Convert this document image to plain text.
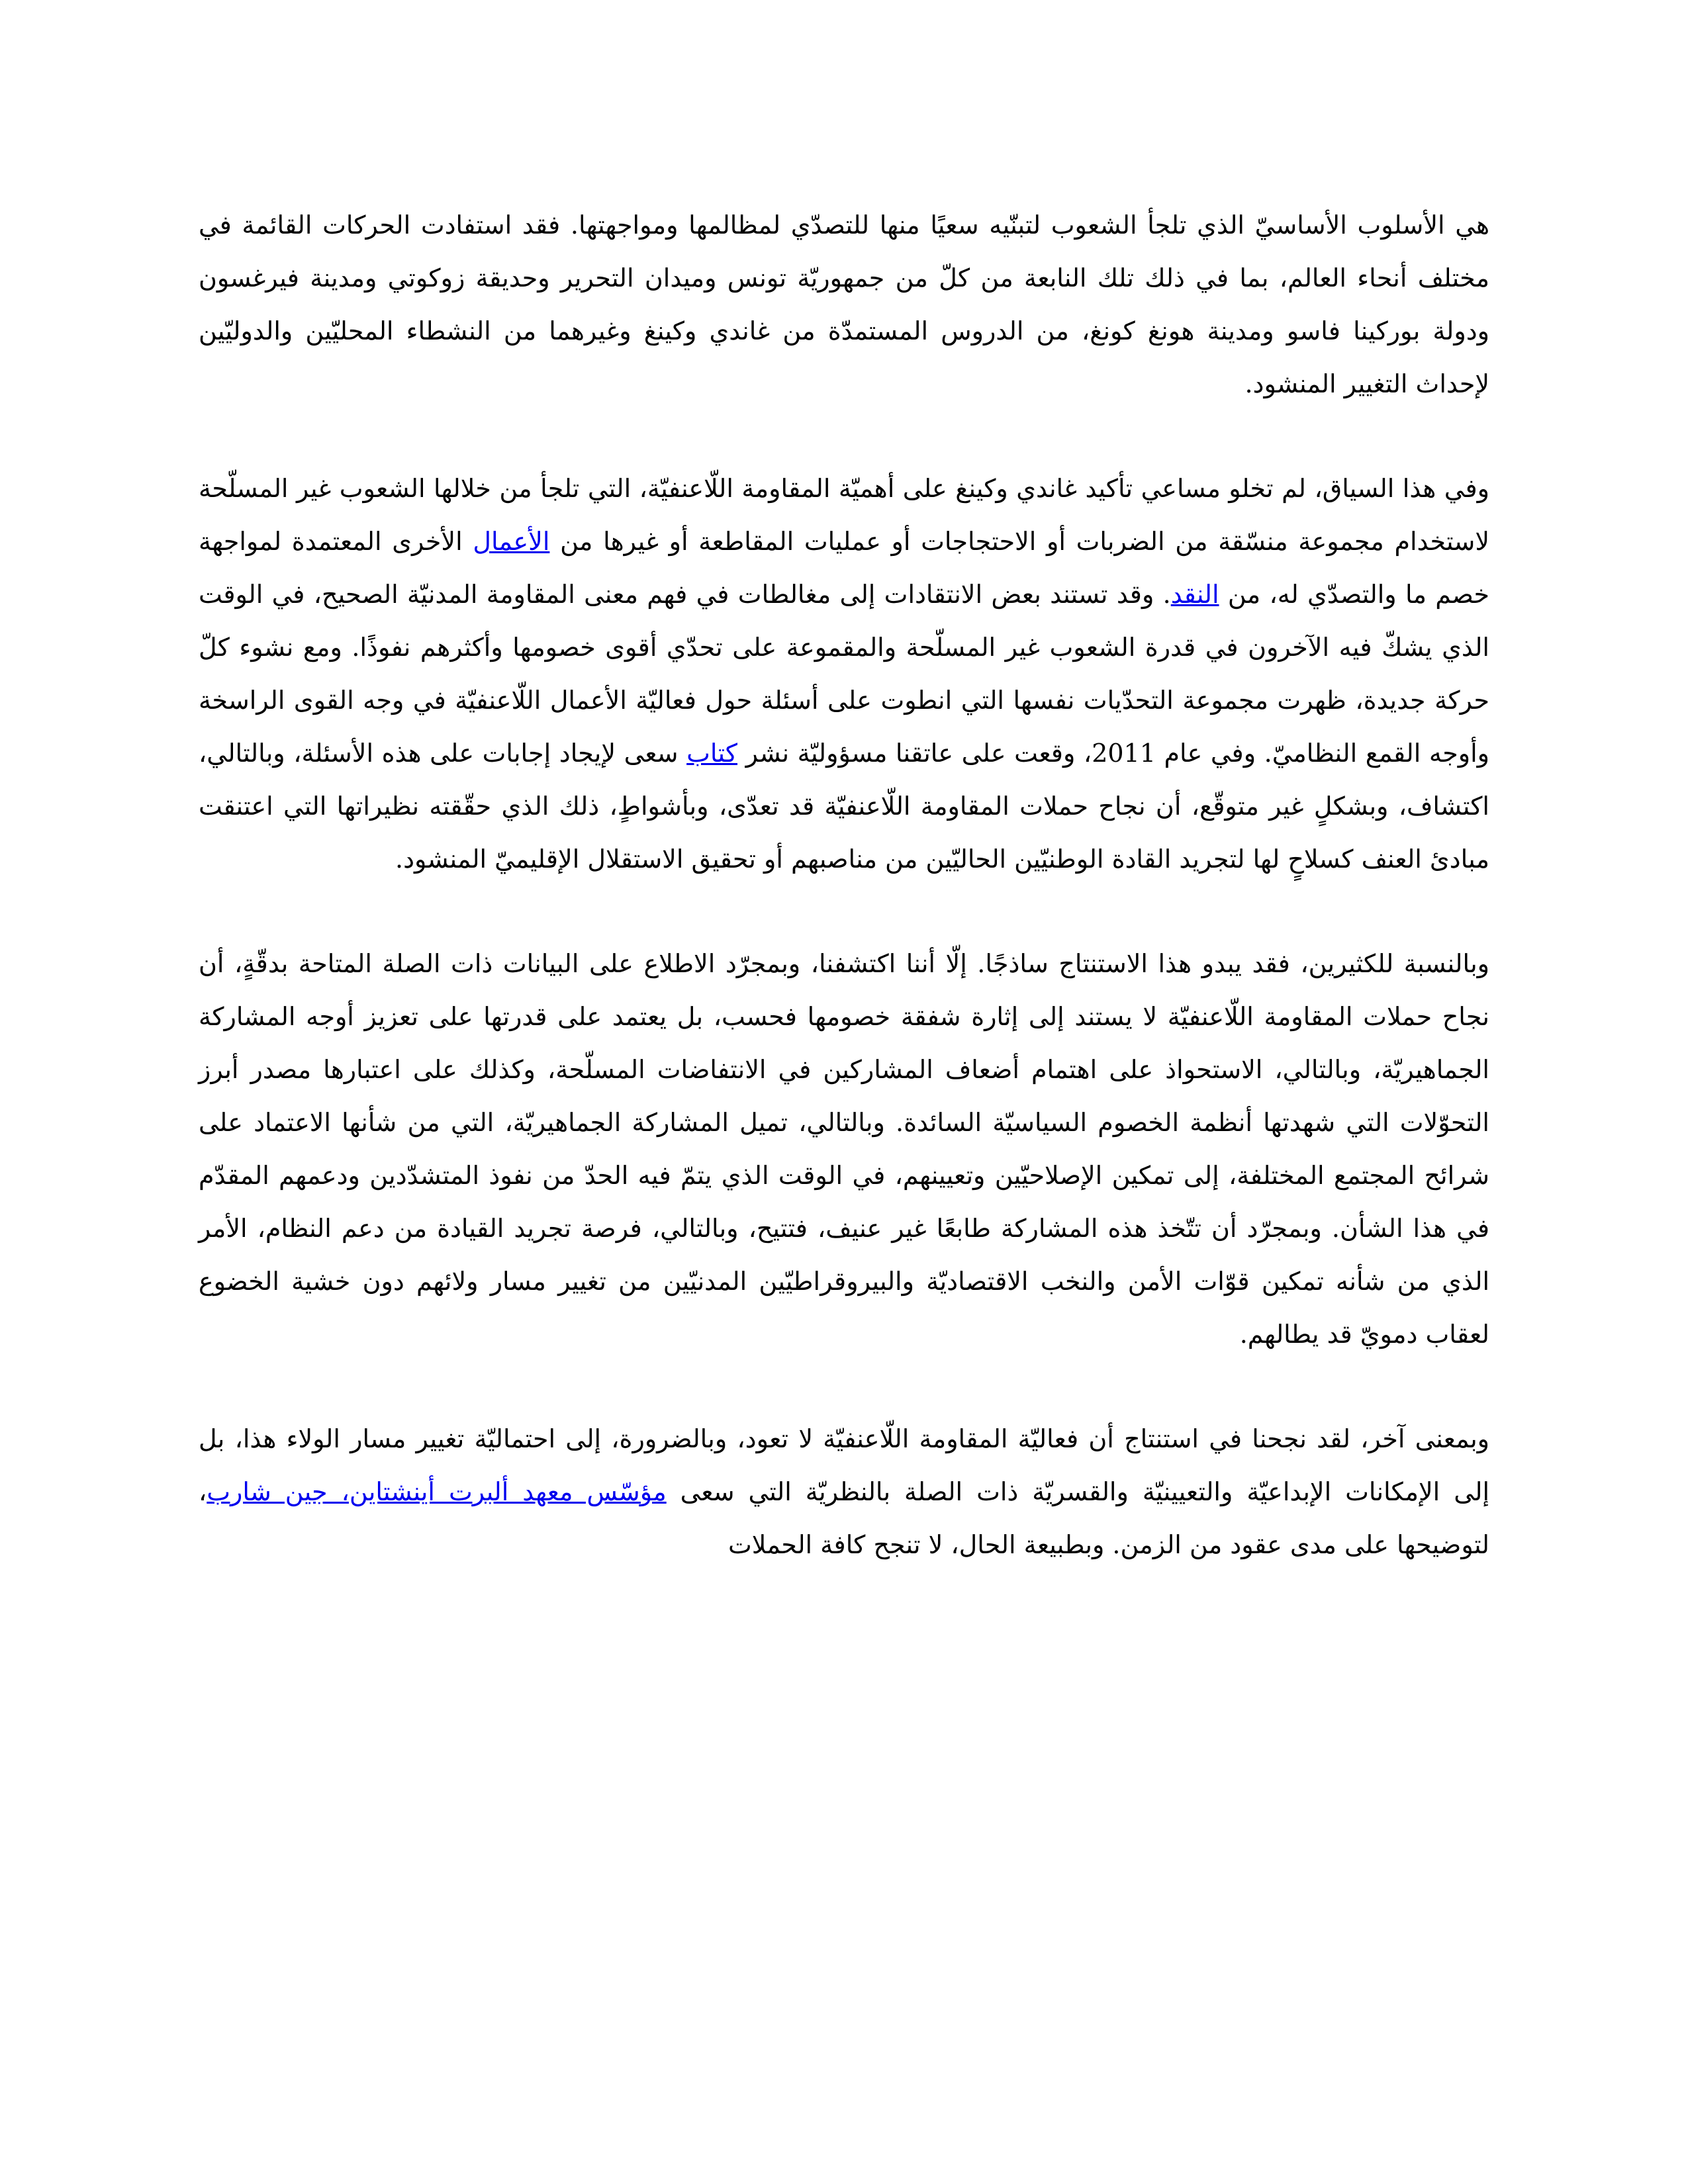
هي الأسلوب الأساسيّ الذي تلجأ الشعوب لتبنّيه سعيًا منها للتصدّي لمظالمها ومواجهتها. فقد استفادت الحركات القائمة في مختلف أنحاء العالم، بما في ذلك تلك النابعة من كلّ من جمهوريّة تونس وميدان التحرير وحديقة زوكوتي ومدينة فيرغسون ودولة بوركينا فاسو ومدينة هونغ كونغ، من الدروس المستمدّة من غاندي وكينغ وغيرهما من النشطاء المحليّين والدوليّين لإحداث التغيير المنشود.

وفي هذا السياق، لم تخلو مساعي تأكيد غاندي وكينغ على أهميّة المقاومة اللّاعنفيّة، التي تلجأ من خلالها الشعوب غير المسلّحة لاستخدام مجموعة منسّقة من الضربات أو الاحتجاجات أو عمليات المقاطعة أو غيرها من الأعمال الأخرى المعتمدة لمواجهة خصم ما والتصدّي له، من النقد. وقد تستند بعض الانتقادات إلى مغالطات في فهم معنى المقاومة المدنيّة الصحيح، في الوقت الذي يشكّ فيه الآخرون في قدرة الشعوب غير المسلّحة والمقموعة على تحدّي أقوى خصومها وأكثرهم نفوذًا. ومع نشوء كلّ حركة جديدة، ظهرت مجموعة التحدّيات نفسها التي انطوت على أسئلة حول فعاليّة الأعمال اللّاعنفيّة في وجه القوى الراسخة وأوجه القمع النظاميّ. وفي عام 2011، وقعت على عاتقنا مسؤوليّة نشر كتاب سعى لإيجاد إجابات على هذه الأسئلة، وبالتالي، اكتشاف، وبشكلٍ غير متوقّع، أن نجاح حملات المقاومة اللّاعنفيّة قد تعدّى، وبأشواطٍ، ذلك الذي حقّقته نظيراتها التي اعتنقت مبادئ العنف كسلاحٍ لها لتجريد القادة الوطنيّين الحاليّين من مناصبهم أو تحقيق الاستقلال الإقليميّ المنشود.

وبالنسبة للكثيرين، فقد يبدو هذا الاستنتاج ساذجًا. إلّا أننا اكتشفنا، وبمجرّد الاطلاع على البيانات ذات الصلة المتاحة بدقّةٍ، أن نجاح حملات المقاومة اللّاعنفيّة لا يستند إلى إثارة شفقة خصومها فحسب، بل يعتمد على قدرتها على تعزيز أوجه المشاركة الجماهيريّة، وبالتالي، الاستحواذ على اهتمام أضعاف المشاركين في الانتفاضات المسلّحة، وكذلك على اعتبارها مصدر أبرز التحوّلات التي شهدتها أنظمة الخصوم السياسيّة السائدة. وبالتالي، تميل المشاركة الجماهيريّة، التي من شأنها الاعتماد على شرائح المجتمع المختلفة، إلى تمكين الإصلاحيّين وتعيينهم، في الوقت الذي يتمّ فيه الحدّ من نفوذ المتشدّدين ودعمهم المقدّم في هذا الشأن. وبمجرّد أن تتّخذ هذه المشاركة طابعًا غير عنيف، فتتيح، وبالتالي، فرصة تجريد القيادة من دعم النظام، الأمر الذي من شأنه تمكين قوّات الأمن والنخب الاقتصاديّة والبيروقراطيّين المدنيّين من تغيير مسار ولائهم دون خشية الخضوع لعقاب دمويّ قد يطالهم.

وبمعنى آخر، لقد نجحنا في استنتاج أن فعاليّة المقاومة اللّاعنفيّة لا تعود، وبالضرورة، إلى احتماليّة تغيير مسار الولاء هذا، بل إلى الإمكانات الإبداعيّة والتعيينيّة والقسريّة ذات الصلة بالنظريّة التي سعى مؤسّس معهد ألبرت أينشتاين، جين شارب، لتوضيحها على مدى عقود من الزمن. وبطبيعة الحال، لا تنجح كافة الحملات
